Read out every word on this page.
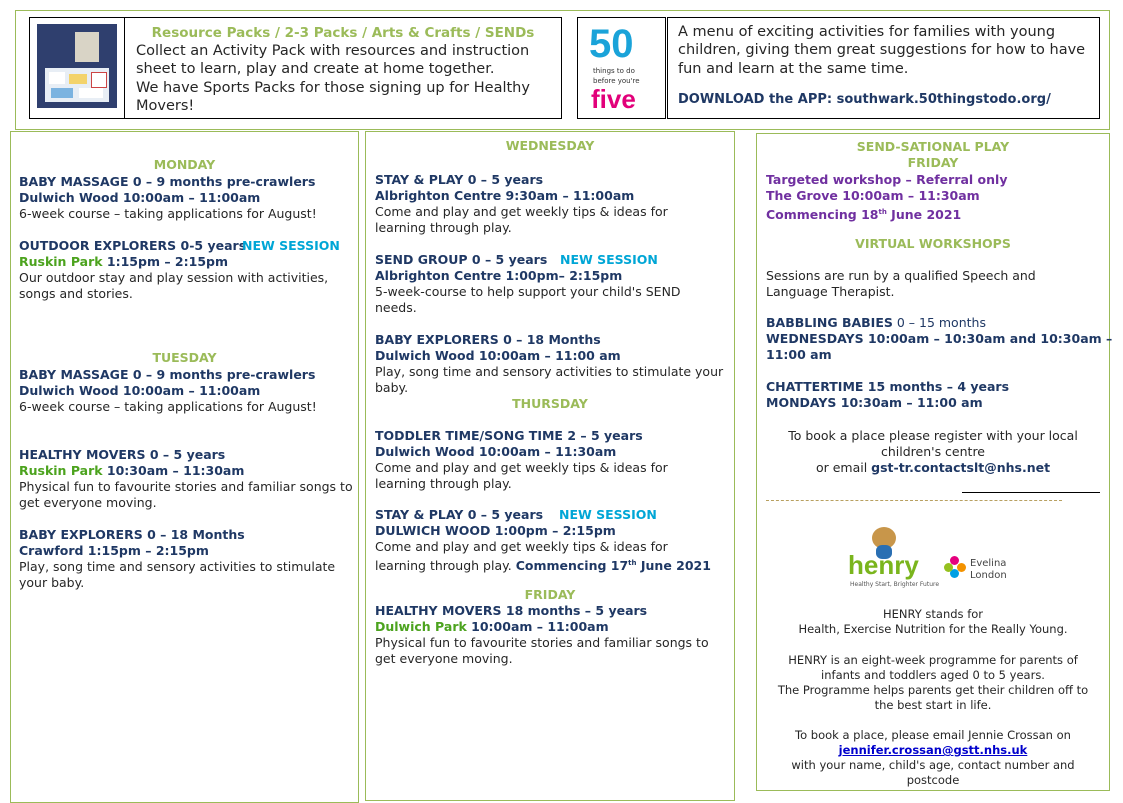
Resource Packs / 2-3 Packs / Arts & Crafts / SENDs
Collect an Activity Pack with resources and instruction
sheet to learn, play and create at home together.
We have Sports Packs for those signing up for Healthy
Movers!
50
things to do
before you're
five
A menu of exciting activities for families with young
children, giving them great suggestions for how to have
fun and learn at the same time.
DOWNLOAD the APP: southwark.50thingstodo.org/
MONDAY
BABY MASSAGE 0 – 9 months pre-crawlers
Dulwich Wood 10:00am – 11:00am
6-week course – taking applications for August!
OUTDOOR EXPLORERS 0-5 years
NEW SESSION
Ruskin Park 1:15pm – 2:15pm
Our outdoor stay and play session with activities,
songs and stories.
TUESDAY
BABY MASSAGE 0 – 9 months pre-crawlers
Dulwich Wood 10:00am – 11:00am
6-week course – taking applications for August!
HEALTHY MOVERS 0 – 5 years
Ruskin Park 10:30am – 11:30am
Physical fun to favourite stories and familiar songs to
get everyone moving.
BABY EXPLORERS 0 – 18 Months
Crawford 1:15pm – 2:15pm
Play, song time and sensory activities to stimulate
your baby.
WEDNESDAY
STAY & PLAY 0 – 5 years
Albrighton Centre 9:30am – 11:00am
Come and play and get weekly tips & ideas for
learning through play.
SEND GROUP 0 – 5 years NEW SESSION
Albrighton Centre 1:00pm– 2:15pm
5-week-course to help support your child's SEND
needs.
BABY EXPLORERS 0 – 18 Months
Dulwich Wood 10:00am – 11:00 am
Play, song time and sensory activities to stimulate your
baby.
THURSDAY
TODDLER TIME/SONG TIME 2 – 5 years
Dulwich Wood 10:00am – 11:30am
Come and play and get weekly tips & ideas for
learning through play.
STAY & PLAY 0 – 5 years NEW SESSION
DULWICH WOOD 1:00pm – 2:15pm
Come and play and get weekly tips & ideas for
learning through play. Commencing 17th June 2021
FRIDAY
HEALTHY MOVERS 18 months – 5 years
Dulwich Park 10:00am – 11:00am
Physical fun to favourite stories and familiar songs to
get everyone moving.
SEND-SATIONAL PLAY
FRIDAY
Targeted workshop – Referral only
The Grove 10:00am – 11:30am
Commencing 18th June 2021
VIRTUAL WORKSHOPS
Sessions are run by a qualified Speech and
Language Therapist.
BABBLING BABIES 0 – 15 months
WEDNESDAYS 10:00am – 10:30am and 10:30am –
11:00 am
CHATTERTIME 15 months – 4 years
MONDAYS 10:30am – 11:00 am
To book a place please register with your local
children's centre
or email gst-tr.contactslt@nhs.net
henry
Healthy Start, Brighter Future
Evelina
London
HENRY stands for
Health, Exercise Nutrition for the Really Young.
HENRY is an eight-week programme for parents of
infants and toddlers aged 0 to 5 years.
The Programme helps parents get their children off to
the best start in life.
To book a place, please email Jennie Crossan on
jennifer.crossan@gstt.nhs.uk
with your name, child's age, contact number and
postcode
